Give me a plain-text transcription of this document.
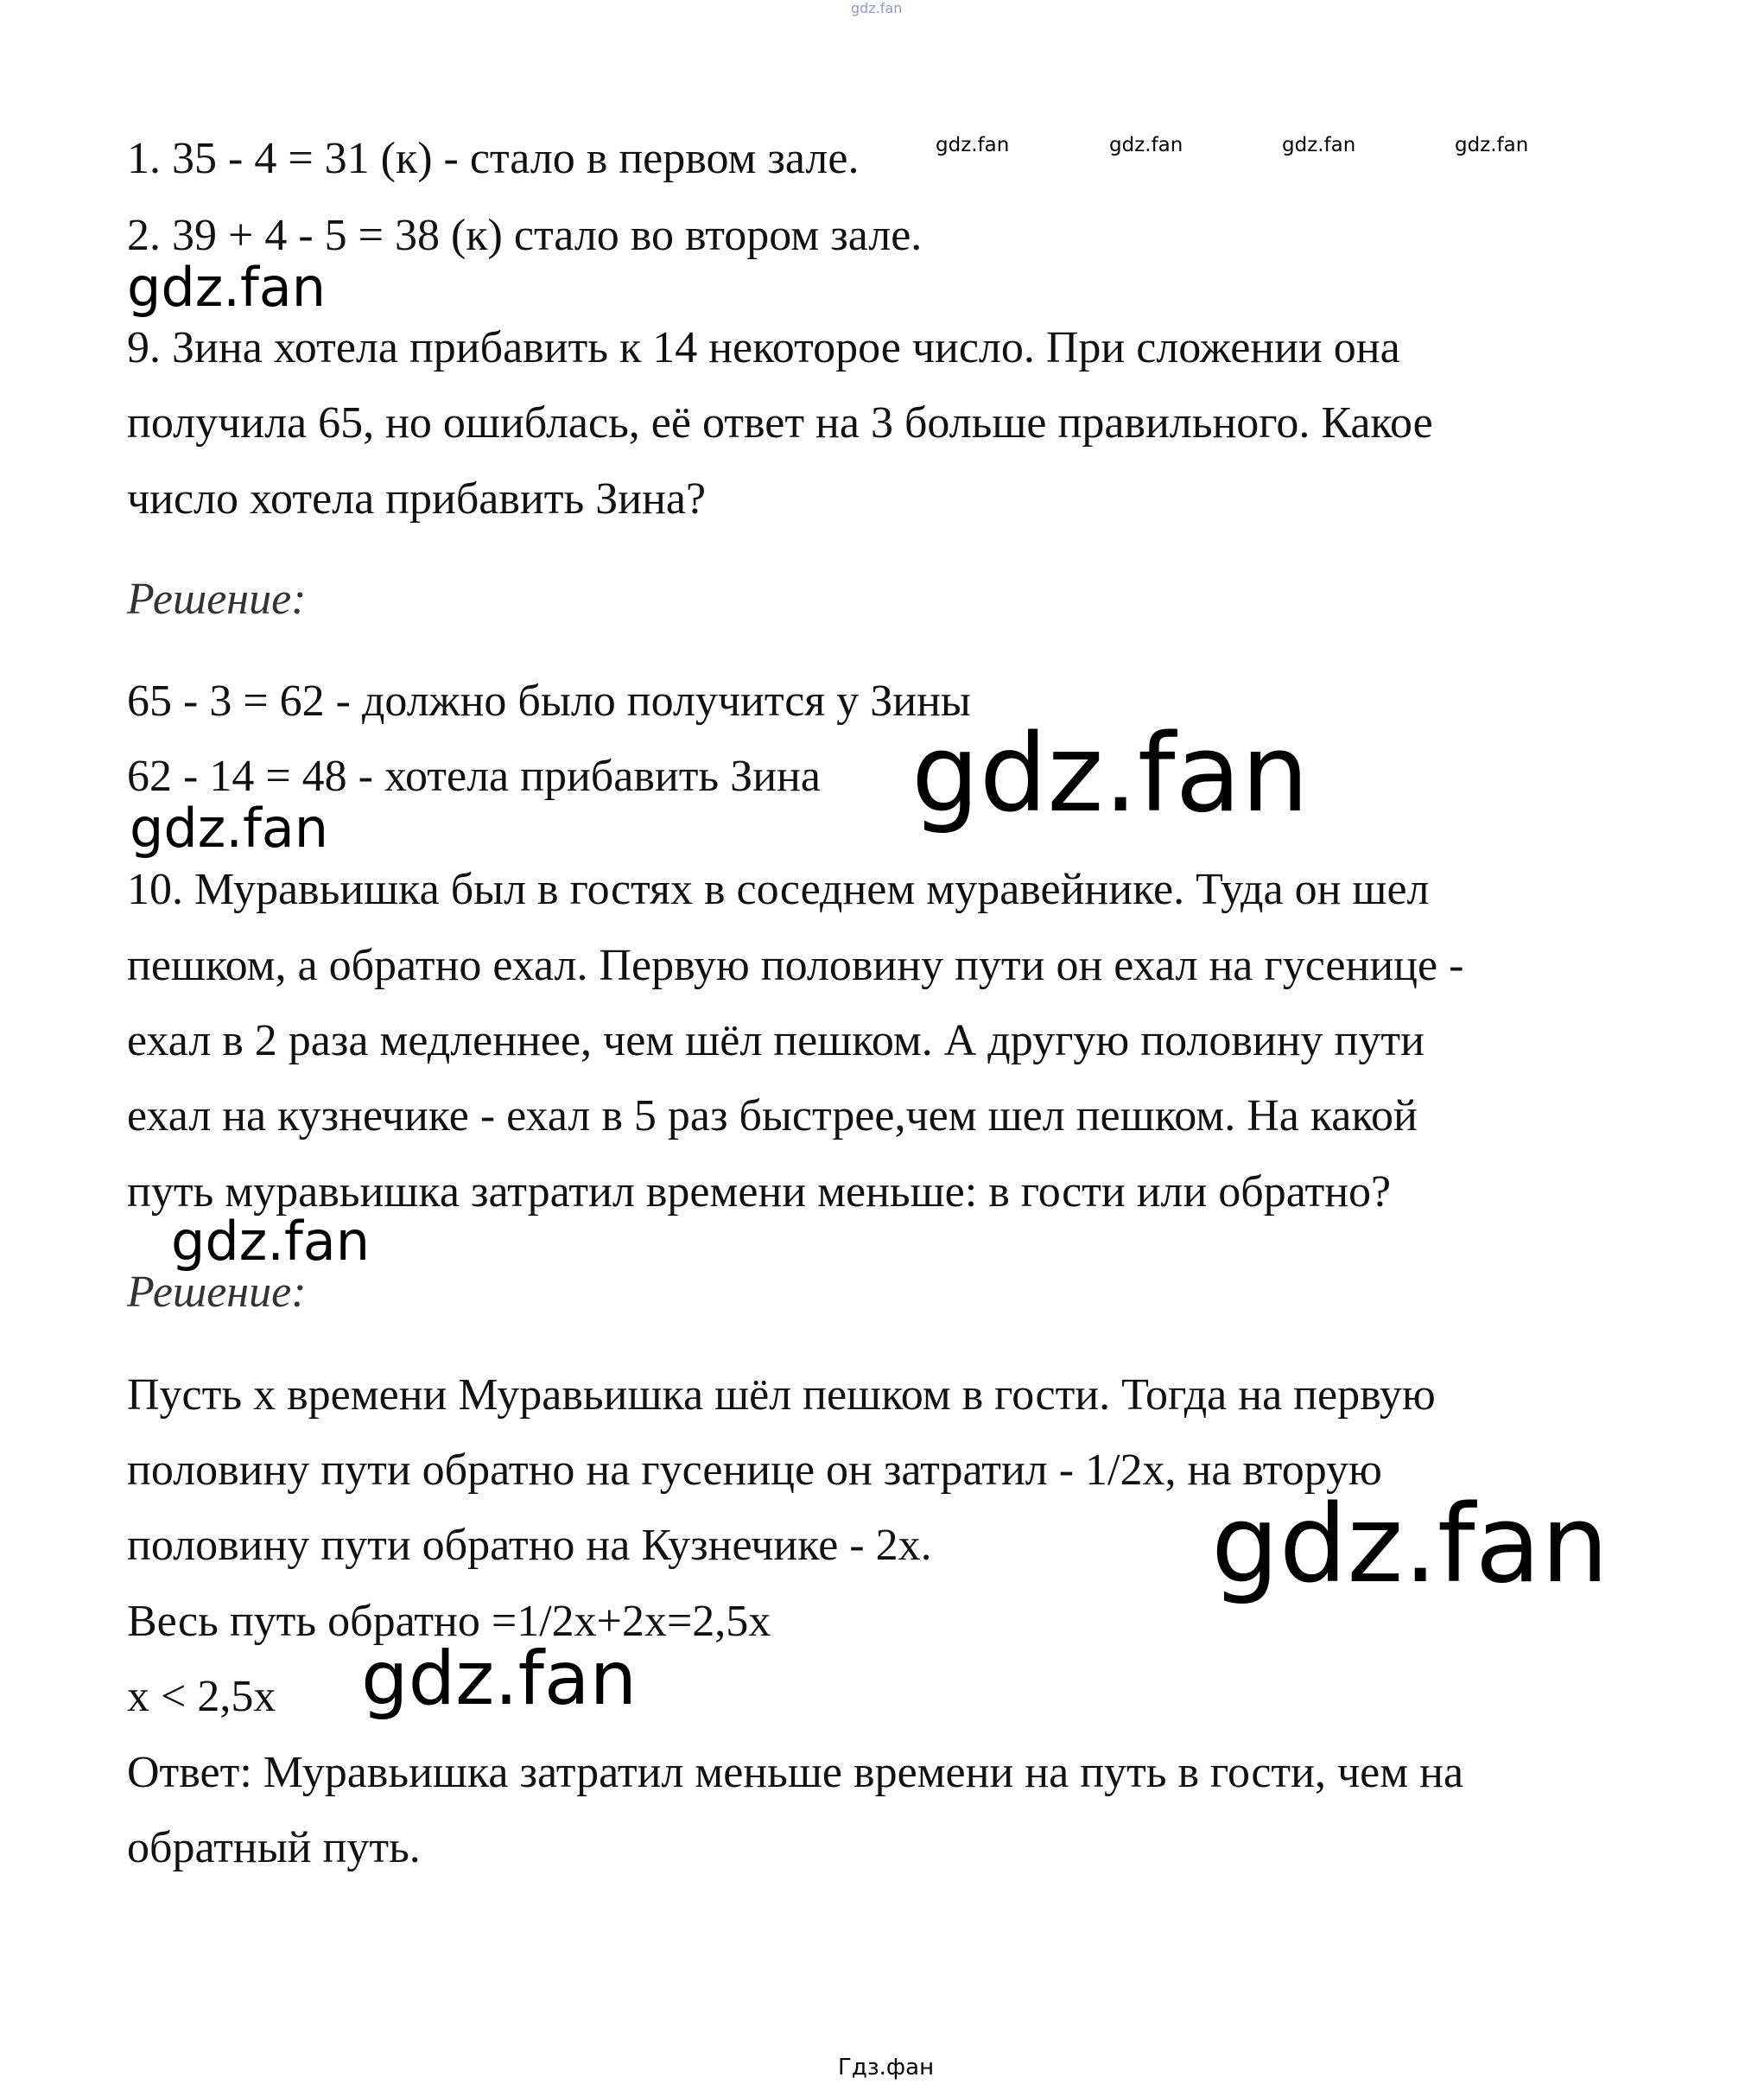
gdz.fan
1. 35 - 4 = 31 (к) - стало в первом зале.
2. 39 + 4 - 5 = 38 (к) стало во втором зале.
9. Зина хотела прибавить к 14 некоторое число. При сложении она
получила 65, но ошиблась, её ответ на 3 больше правильного. Какое
число хотела прибавить Зина?
Решение:
65 - 3 = 62 - должно было получится у Зины
62 - 14 = 48 - хотела прибавить Зина
10. Муравьишка был в гостях в соседнем муравейнике. Туда он шел
пешком, а обратно ехал. Первую половину пути он ехал на гусенице -
ехал в 2 раза медленнее, чем шёл пешком. А другую половину пути
ехал на кузнечике - ехал в 5 раз быстрее,чем шел пешком. На какой
путь муравьишка затратил времени меньше: в гости или обратно?
Решение:
Пусть х времени Муравьишка шёл пешком в гости. Тогда на первую
половину пути обратно на гусенице он затратил - 1/2х, на вторую
половину пути обратно на Кузнечике - 2х.
Весь путь обратно =1/2х+2х=2,5х
х < 2,5х
Ответ: Муравьишка затратил меньше времени на путь в гости, чем на
обратный путь.
gdz.fan	gdz.fan	gdz.fan	gdz.fan
gdz.fan
gdz.fan
gdz.fan
gdz.fan
gdz.fan
gdz.fan
Гдз.фан
